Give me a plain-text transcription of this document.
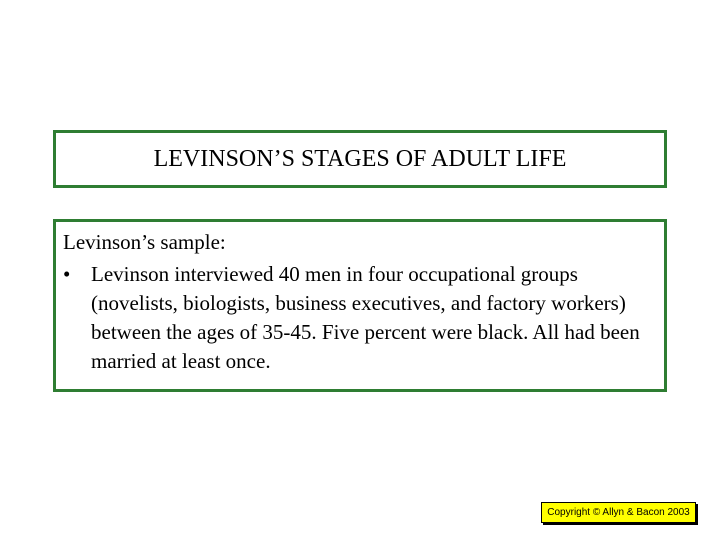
LEVINSON’S STAGES OF ADULT LIFE
Levinson’s sample:
• Levinson interviewed 40 men in four occupational groups (novelists, biologists, business executives, and factory workers) between the ages of 35-45. Five percent were black. All had been married at least once.
Copyright © Allyn & Bacon 2003
